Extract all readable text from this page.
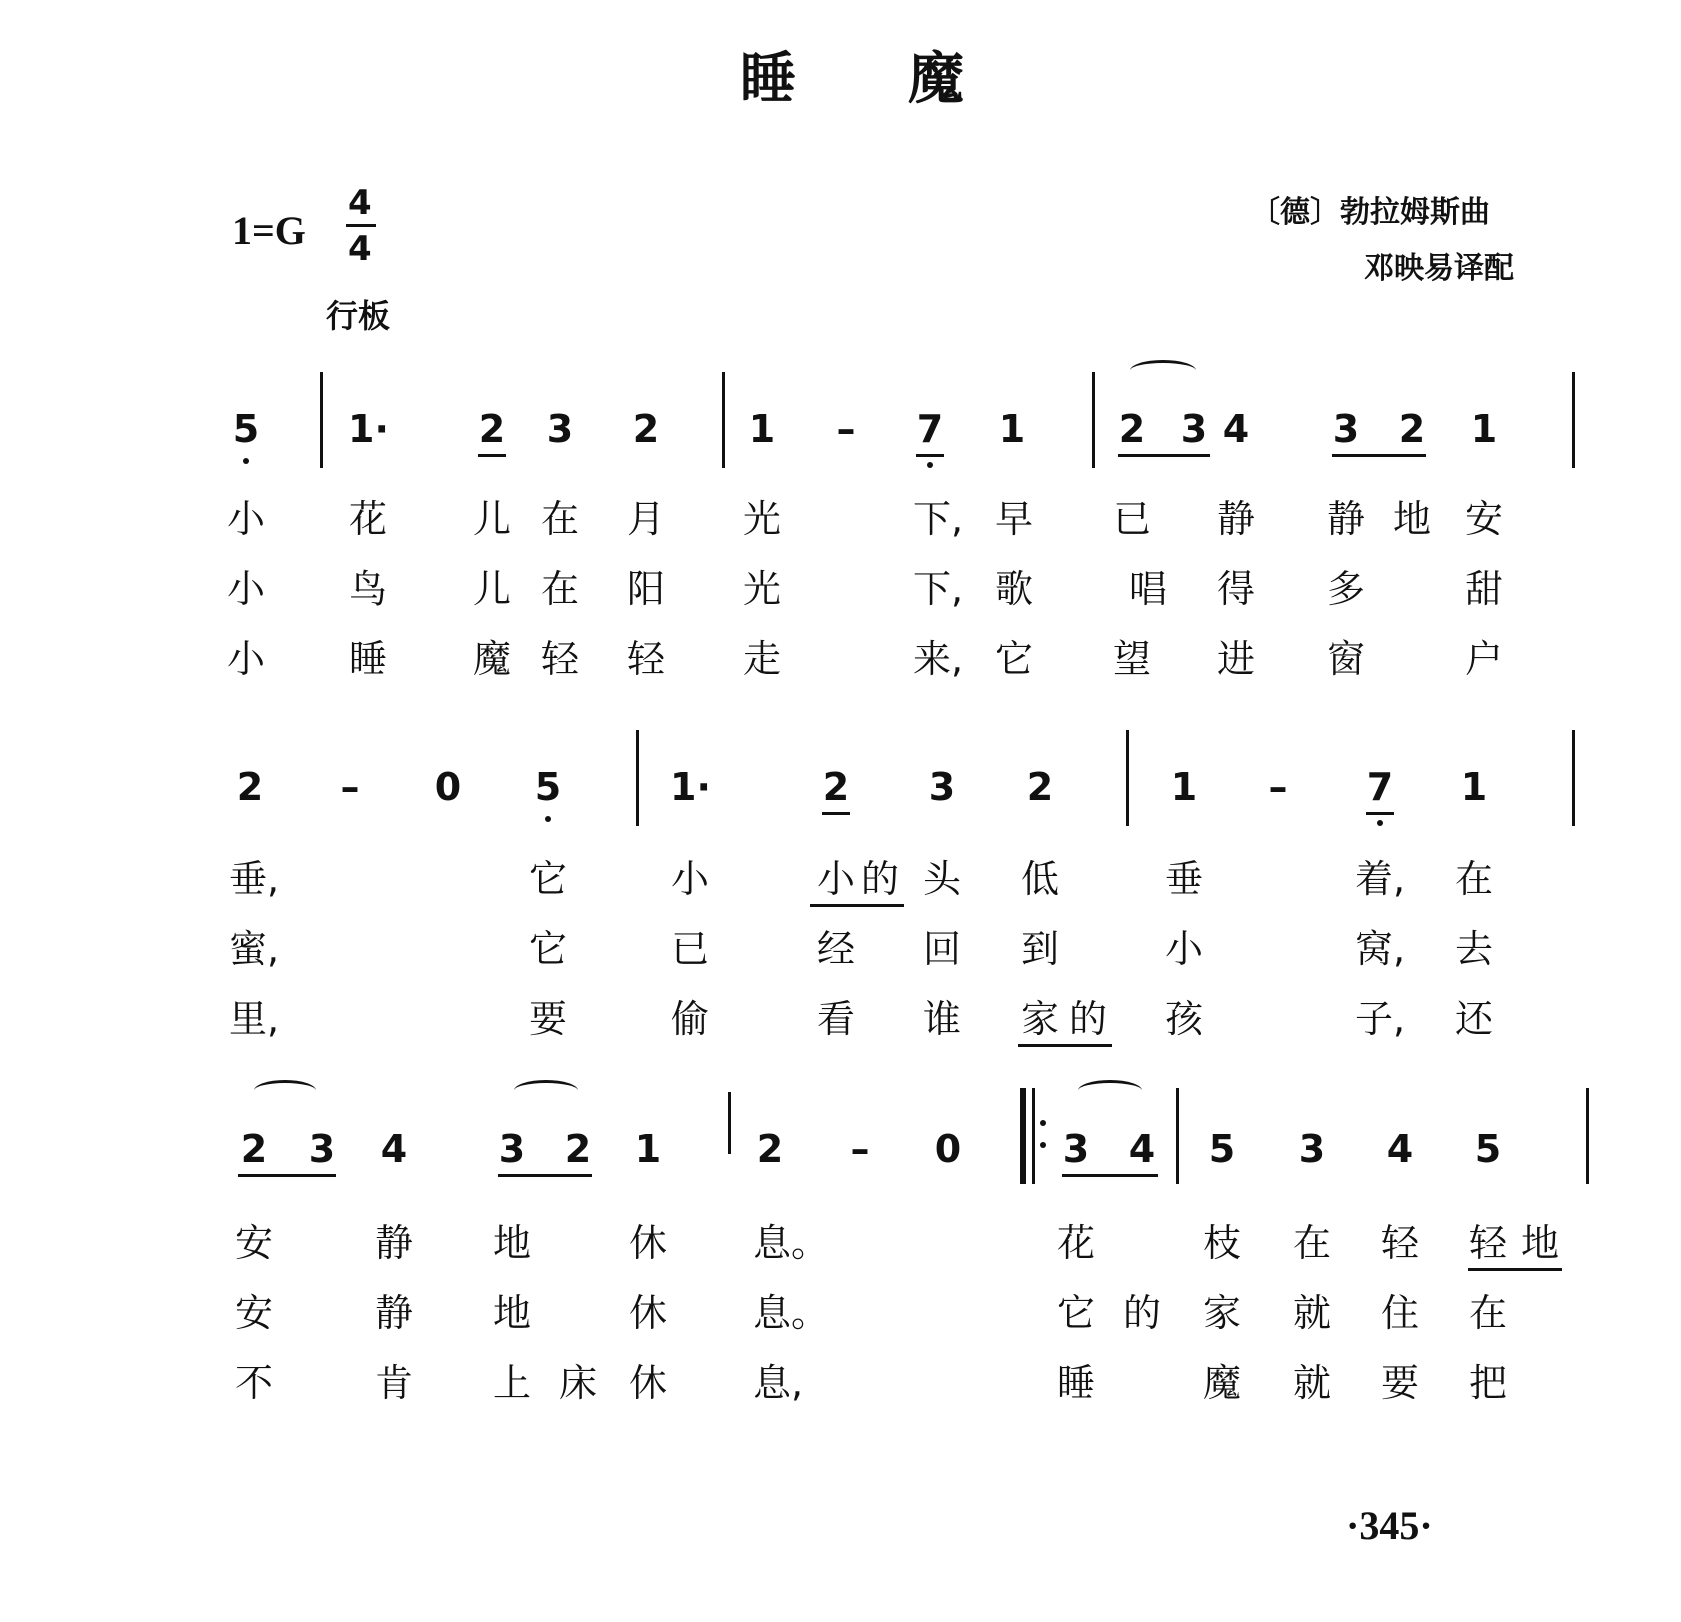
睡　　魔
1=G
4
4
行板
〔德〕勃拉姆斯曲
邓映易译配
5 1· 2 3 2 1 – 7 1 2 3 4 3 2 1
小 花 儿 在 月 光	下, 早 已 静 静 地 安
小 鸟 儿 在 阳 光	下, 歌	唱 得 多	甜
小 睡 魔 轻 轻 走	来, 它 望 进 窗	户
2 – 0 5	1·	2 3 2	1 – 7 1
垂,	它	小	小 的 头 低	垂	着, 在
蜜,	它	已	经 回 到	小	窝, 去
里,	要	偷	看 谁 家 的 孩	子, 还
2 3 4 3 2 1	2 – 0	3 4 5 3 4 5
安	静 地	休 息。	花	枝 在 轻 轻 地
安	静 地	休 息。	它 的 家 就 住 在
不	肯 上 床 休 息,	睡	魔 就 要 把
·345·
